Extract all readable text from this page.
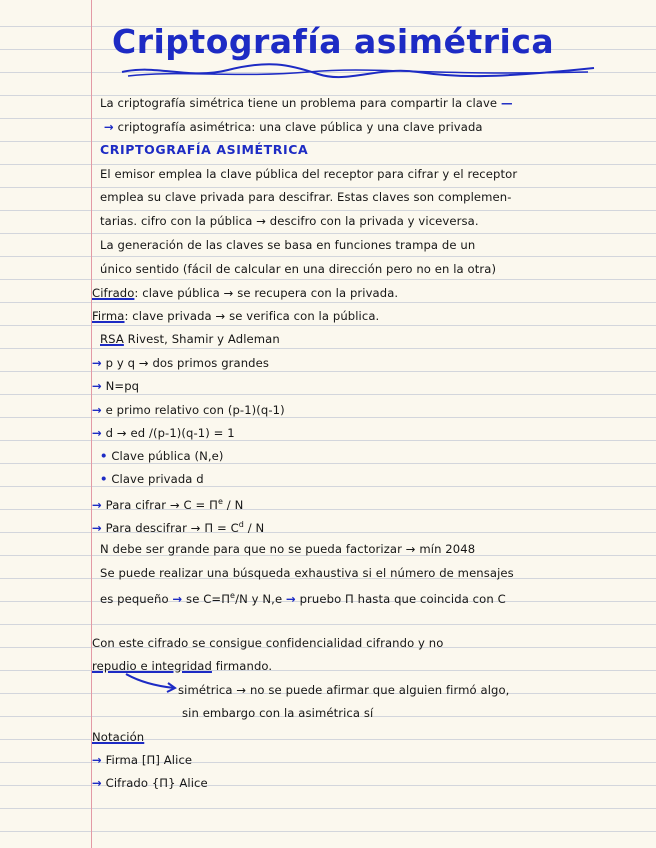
Criptografía asimétrica
La criptografía simétrica tiene un problema para compartir la clave —
→ criptografía asimétrica: una clave pública y una clave privada
CRIPTOGRAFÍA ASIMÉTRICA
El emisor emplea la clave pública del receptor para cifrar y el receptor
emplea su clave privada para descifrar. Estas claves son complemen-
tarias. cifro con la pública → descifro con la privada y viceversa.
La generación de las claves se basa en funciones trampa de un
único sentido (fácil de calcular en una dirección pero no en la otra)
Cifrado: clave pública → se recupera con la privada.
Firma: clave privada → se verifica con la pública.
RSA Rivest, Shamir y Adleman
→ p y q → dos primos grandes
→ N=pq
→ e primo relativo con (p-1)(q-1)
→ d → ed /(p-1)(q-1) = 1
• Clave pública (N,e)
• Clave privada d
→ Para cifrar → $C = \Pi^e / N$
→ Para descifrar → $\Pi = C^d / N$
N debe ser grande para que no se pueda factorizar → mín 2048
Se puede realizar una búsqueda exhaustiva si el número de mensajes
es pequeño → se $C=\Pi^e/N$ y N,e → pruebo Π hasta que coincida con C
Con este cifrado se consigue confidencialidad cifrando y no
repudio e integridad firmando.
simétrica → no se puede afirmar que alguien firmó algo,
sin embargo con la asimétrica sí
Notación
→ Firma [Π] Alice
→ Cifrado {Π} Alice
